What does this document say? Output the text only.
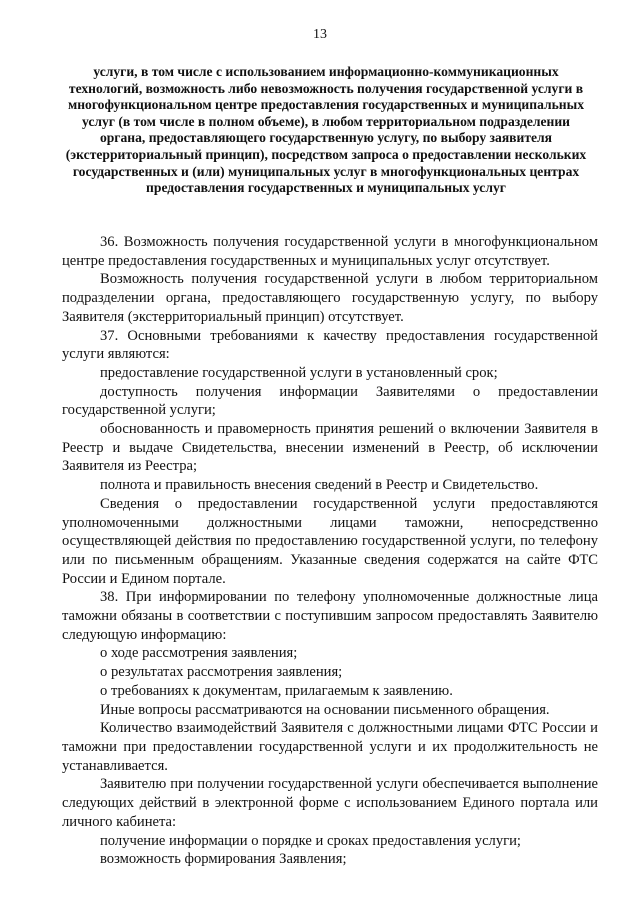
13
услуги, в том числе с использованием информационно-коммуникационных технологий, возможность либо невозможность получения государственной услуги в многофункциональном центре предоставления государственных и муниципальных услуг (в том числе в полном объеме), в любом территориальном подразделении органа, предоставляющего государственную услугу, по выбору заявителя (экстерриториальный принцип), посредством запроса о предоставлении нескольких государственных и (или) муниципальных услуг в многофункциональных центрах предоставления государственных и муниципальных услуг

36. Возможность получения государственной услуги в многофункциональном центре предоставления государственных и муниципальных услуг отсутствует.

Возможность получения государственной услуги в любом территориальном подразделении органа, предоставляющего государственную услугу, по выбору Заявителя (экстерриториальный принцип) отсутствует.

37. Основными требованиями к качеству предоставления государственной услуги являются:

предоставление государственной услуги в установленный срок;

доступность получения информации Заявителями о предоставлении государственной услуги;

обоснованность и правомерность принятия решений о включении Заявителя в Реестр и выдаче Свидетельства, внесении изменений в Реестр, об исключении Заявителя из Реестра;

полнота и правильность внесения сведений в Реестр и Свидетельство.

Сведения о предоставлении государственной услуги предоставляются уполномоченными должностными лицами таможни, непосредственно осуществляющей действия по предоставлению государственной услуги, по телефону или по письменным обращениям. Указанные сведения содержатся на сайте ФТС России и Едином портале.

38. При информировании по телефону уполномоченные должностные лица таможни обязаны в соответствии с поступившим запросом предоставлять Заявителю следующую информацию:

о ходе рассмотрения заявления;

о результатах рассмотрения заявления;

о требованиях к документам, прилагаемым к заявлению.

Иные вопросы рассматриваются на основании письменного обращения.

Количество взаимодействий Заявителя с должностными лицами ФТС России и таможни при предоставлении государственной услуги и их продолжительность не устанавливается.

Заявителю при получении государственной услуги обеспечивается выполнение следующих действий в электронной форме с использованием Единого портала или личного кабинета:

получение информации о порядке и сроках предоставления услуги;

возможность формирования Заявления;
